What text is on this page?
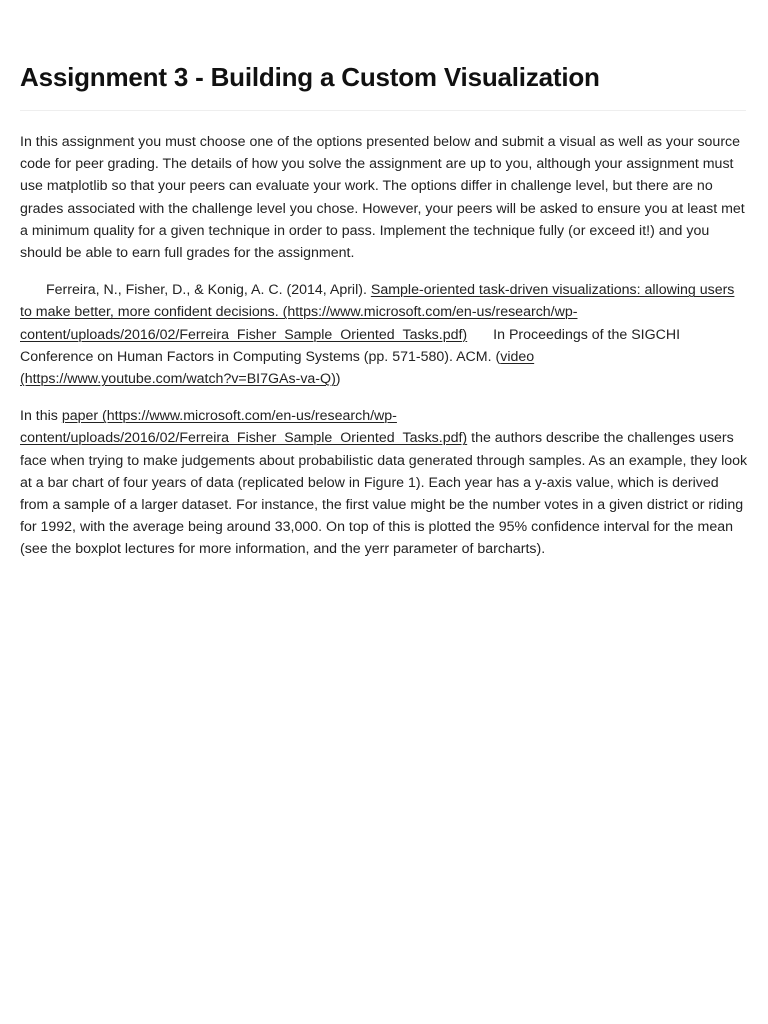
Assignment 3 - Building a Custom Visualization

In this assignment you must choose one of the options presented below and submit a visual as well as your source code for peer grading. The details of how you solve the assignment are up to you, although your assignment must use matplotlib so that your peers can evaluate your work. The options differ in challenge level, but there are no grades associated with the challenge level you chose. However, your peers will be asked to ensure you at least met a minimum quality for a given technique in order to pass. Implement the technique fully (or exceed it!) and you should be able to earn full grades for the assignment.

Ferreira, N., Fisher, D., & Konig, A. C. (2014, April). Sample-oriented task-driven visualizations: allowing users to make better, more confident decisions. (https://www.microsoft.com/en-us/research/wp-content/uploads/2016/02/Ferreira_Fisher_Sample_Oriented_Tasks.pdf) In Proceedings of the SIGCHI Conference on Human Factors in Computing Systems (pp. 571-580). ACM. (video (https://www.youtube.com/watch?v=BI7GAs-va-Q))

In this paper (https://www.microsoft.com/en-us/research/wp-content/uploads/2016/02/Ferreira_Fisher_Sample_Oriented_Tasks.pdf) the authors describe the challenges users face when trying to make judgements about probabilistic data generated through samples. As an example, they look at a bar chart of four years of data (replicated below in Figure 1). Each year has a y-axis value, which is derived from a sample of a larger dataset. For instance, the first value might be the number votes in a given district or riding for 1992, with the average being around 33,000. On top of this is plotted the 95% confidence interval for the mean (see the boxplot lectures for more information, and the yerr parameter of barcharts).
